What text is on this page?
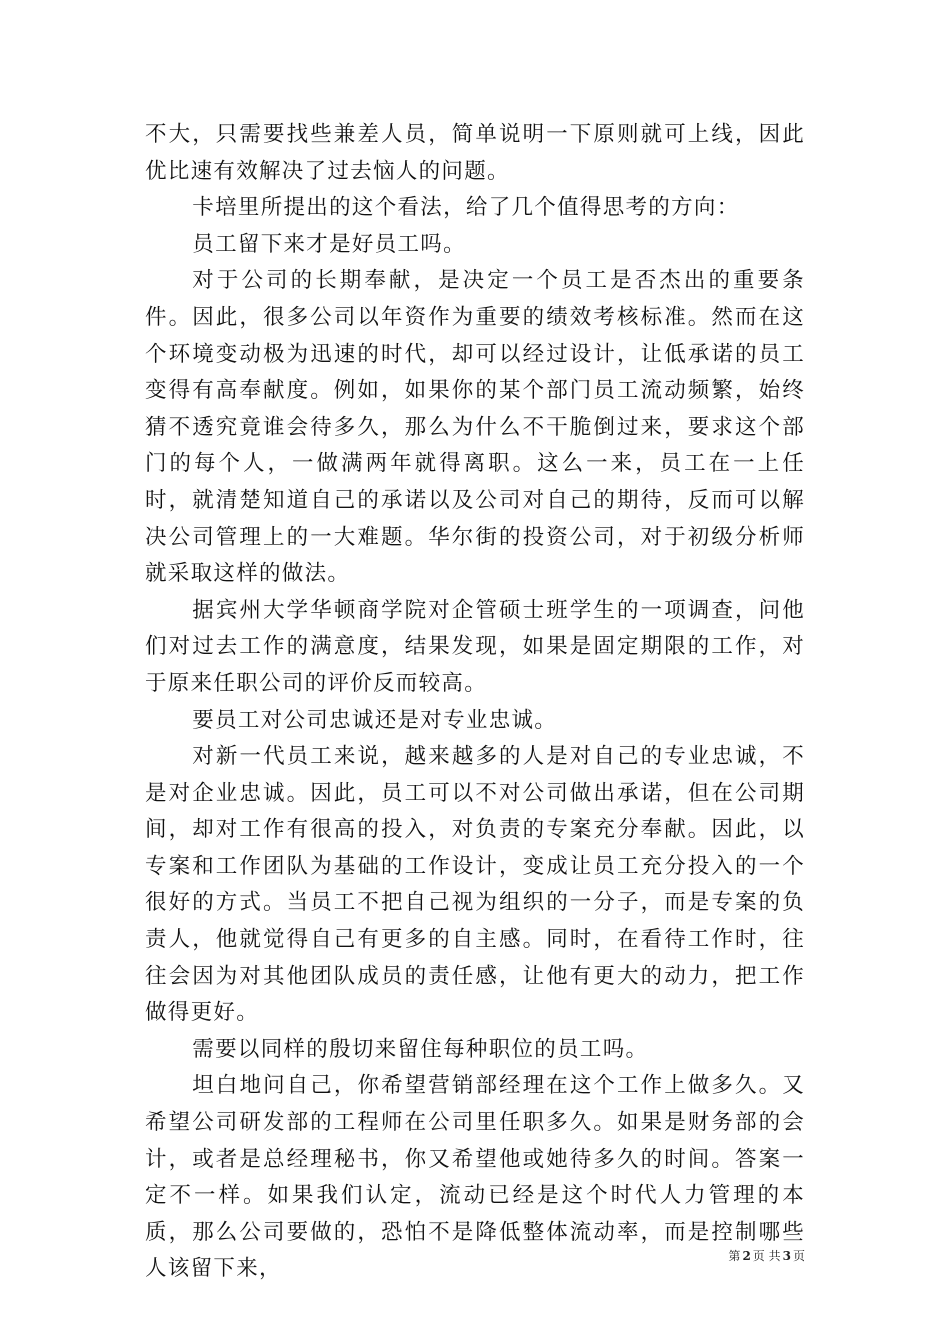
不大，只需要找些兼差人员，简单说明一下原则就可上线，因此优比速有效解决了过去恼人的问题。

卡培里所提出的这个看法，给了几个值得思考的方向：

员工留下来才是好员工吗。

对于公司的长期奉献，是决定一个员工是否杰出的重要条件。因此，很多公司以年资作为重要的绩效考核标准。然而在这个环境变动极为迅速的时代，却可以经过设计，让低承诺的员工变得有高奉献度。例如，如果你的某个部门员工流动频繁，始终猜不透究竟谁会待多久，那么为什么不干脆倒过来，要求这个部门的每个人，一做满两年就得离职。这么一来，员工在一上任时，就清楚知道自己的承诺以及公司对自己的期待，反而可以解决公司管理上的一大难题。华尔街的投资公司，对于初级分析师就采取这样的做法。

据宾州大学华顿商学院对企管硕士班学生的一项调查，问他们对过去工作的满意度，结果发现，如果是固定期限的工作，对于原来任职公司的评价反而较高。

要员工对公司忠诚还是对专业忠诚。

对新一代员工来说，越来越多的人是对自己的专业忠诚，不是对企业忠诚。因此，员工可以不对公司做出承诺，但在公司期间，却对工作有很高的投入，对负责的专案充分奉献。因此，以专案和工作团队为基础的工作设计，变成让员工充分投入的一个很好的方式。当员工不把自己视为组织的一分子，而是专案的负责人，他就觉得自己有更多的自主感。同时，在看待工作时，往往会因为对其他团队成员的责任感，让他有更大的动力，把工作做得更好。

需要以同样的殷切来留住每种职位的员工吗。

坦白地问自己，你希望营销部经理在这个工作上做多久。又希望公司研发部的工程师在公司里任职多久。如果是财务部的会计，或者是总经理秘书，你又希望他或她待多久的时间。答案一定不一样。如果我们认定，流动已经是这个时代人力管理的本质，那么公司要做的，恐怕不是降低整体流动率，而是控制哪些人该留下来，

第 2 页 共 3 页
